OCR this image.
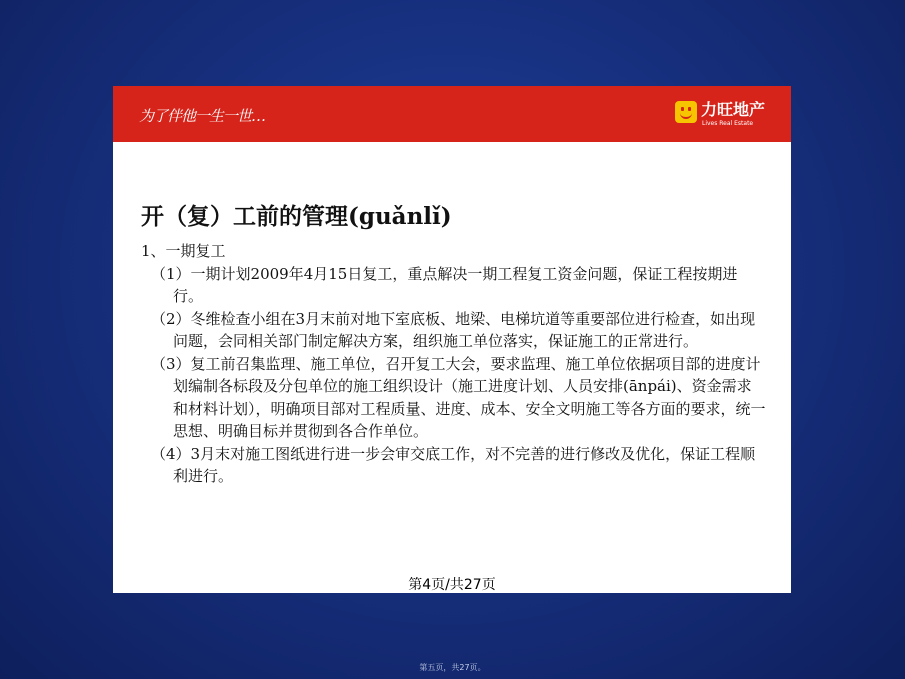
为了伴他一生一世…	力旺地产
Lives Real Estate
开（复）工前的管理(guǎnlǐ)

1、一期复工

（1）一期计划2009年4月15日复工，重点解决一期工程复工资金问题，保证工程按期进行。

（2）冬维检查小组在3月末前对地下室底板、地梁、电梯坑道等重要部位进行检查，如出现问题，会同相关部门制定解决方案，组织施工单位落实，保证施工的正常进行。

（3）复工前召集监理、施工单位，召开复工大会，要求监理、施工单位依据项目部的进度计划编制各标段及分包单位的施工组织设计（施工进度计划、人员安排(ānpái)、资金需求和材料计划），明确项目部对工程质量、进度、成本、安全文明施工等各方面的要求，统一思想、明确目标并贯彻到各合作单位。

（4）3月末对施工图纸进行进一步会审交底工作，对不完善的进行修改及优化，保证工程顺利进行。

第4页/共27页
第五页，共27页。
